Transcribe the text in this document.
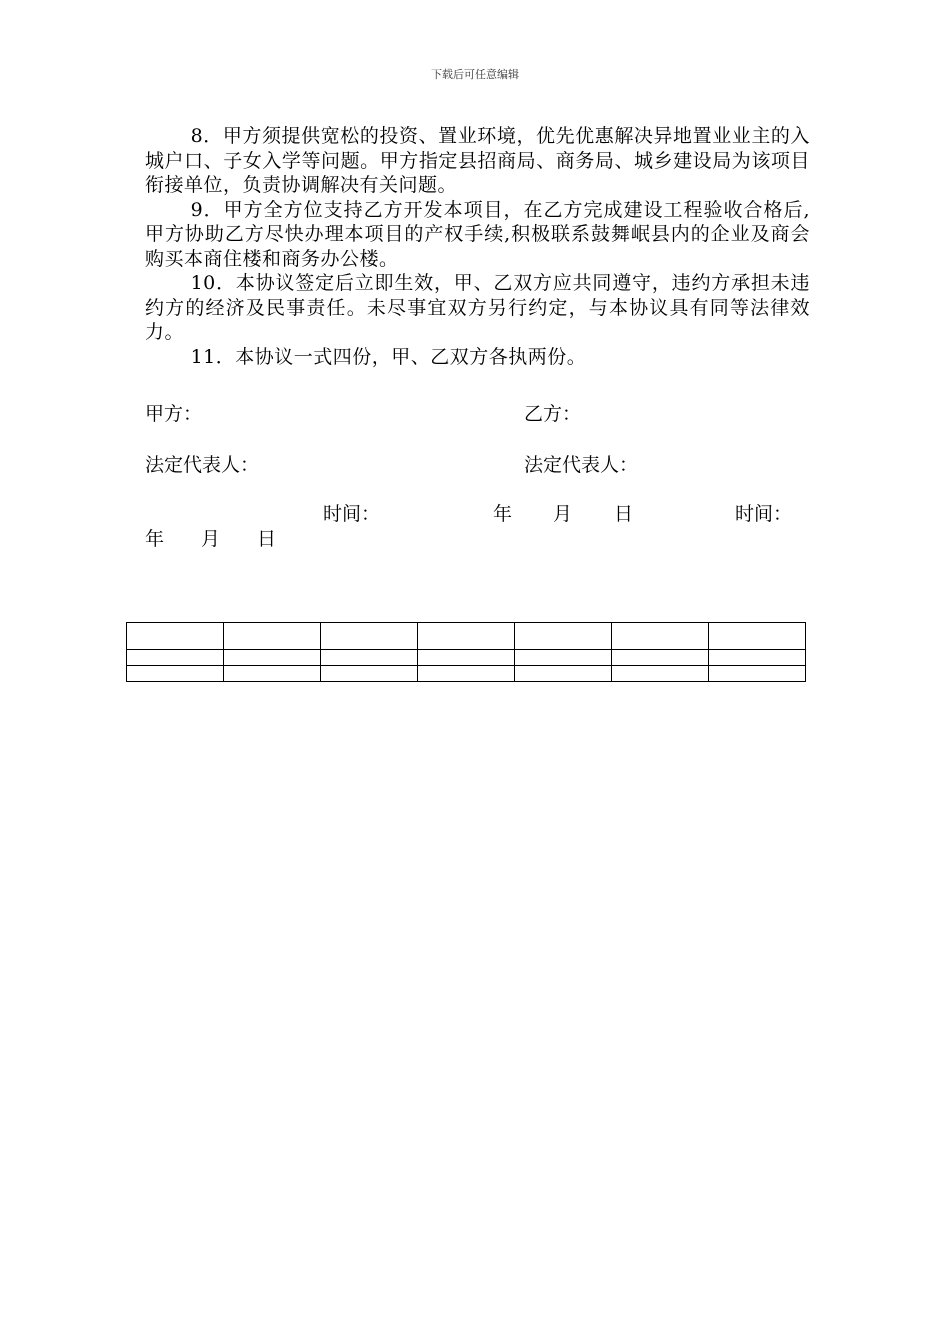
下载后可任意编辑

8．甲方须提供宽松的投资、置业环境，优先优惠解决异地置业业主的入城户口、子女入学等问题。甲方指定县招商局、商务局、城乡建设局为该项目衔接单位，负责协调解决有关问题。

9．甲方全方位支持乙方开发本项目，在乙方完成建设工程验收合格后,甲方协助乙方尽快办理本项目的产权手续,积极联系鼓舞岷县内的企业及商会购买本商住楼和商务办公楼。

10．本协议签定后立即生效，甲、乙双方应共同遵守，违约方承担未违约方的经济及民事责任。未尽事宜双方另行约定，与本协议具有同等法律效力。

11．本协议一式四份，甲、乙双方各执两份。

甲方：	乙方：
法定代表人：	法定代表人：
时间：	年 月 日	时间：
年 月 日
